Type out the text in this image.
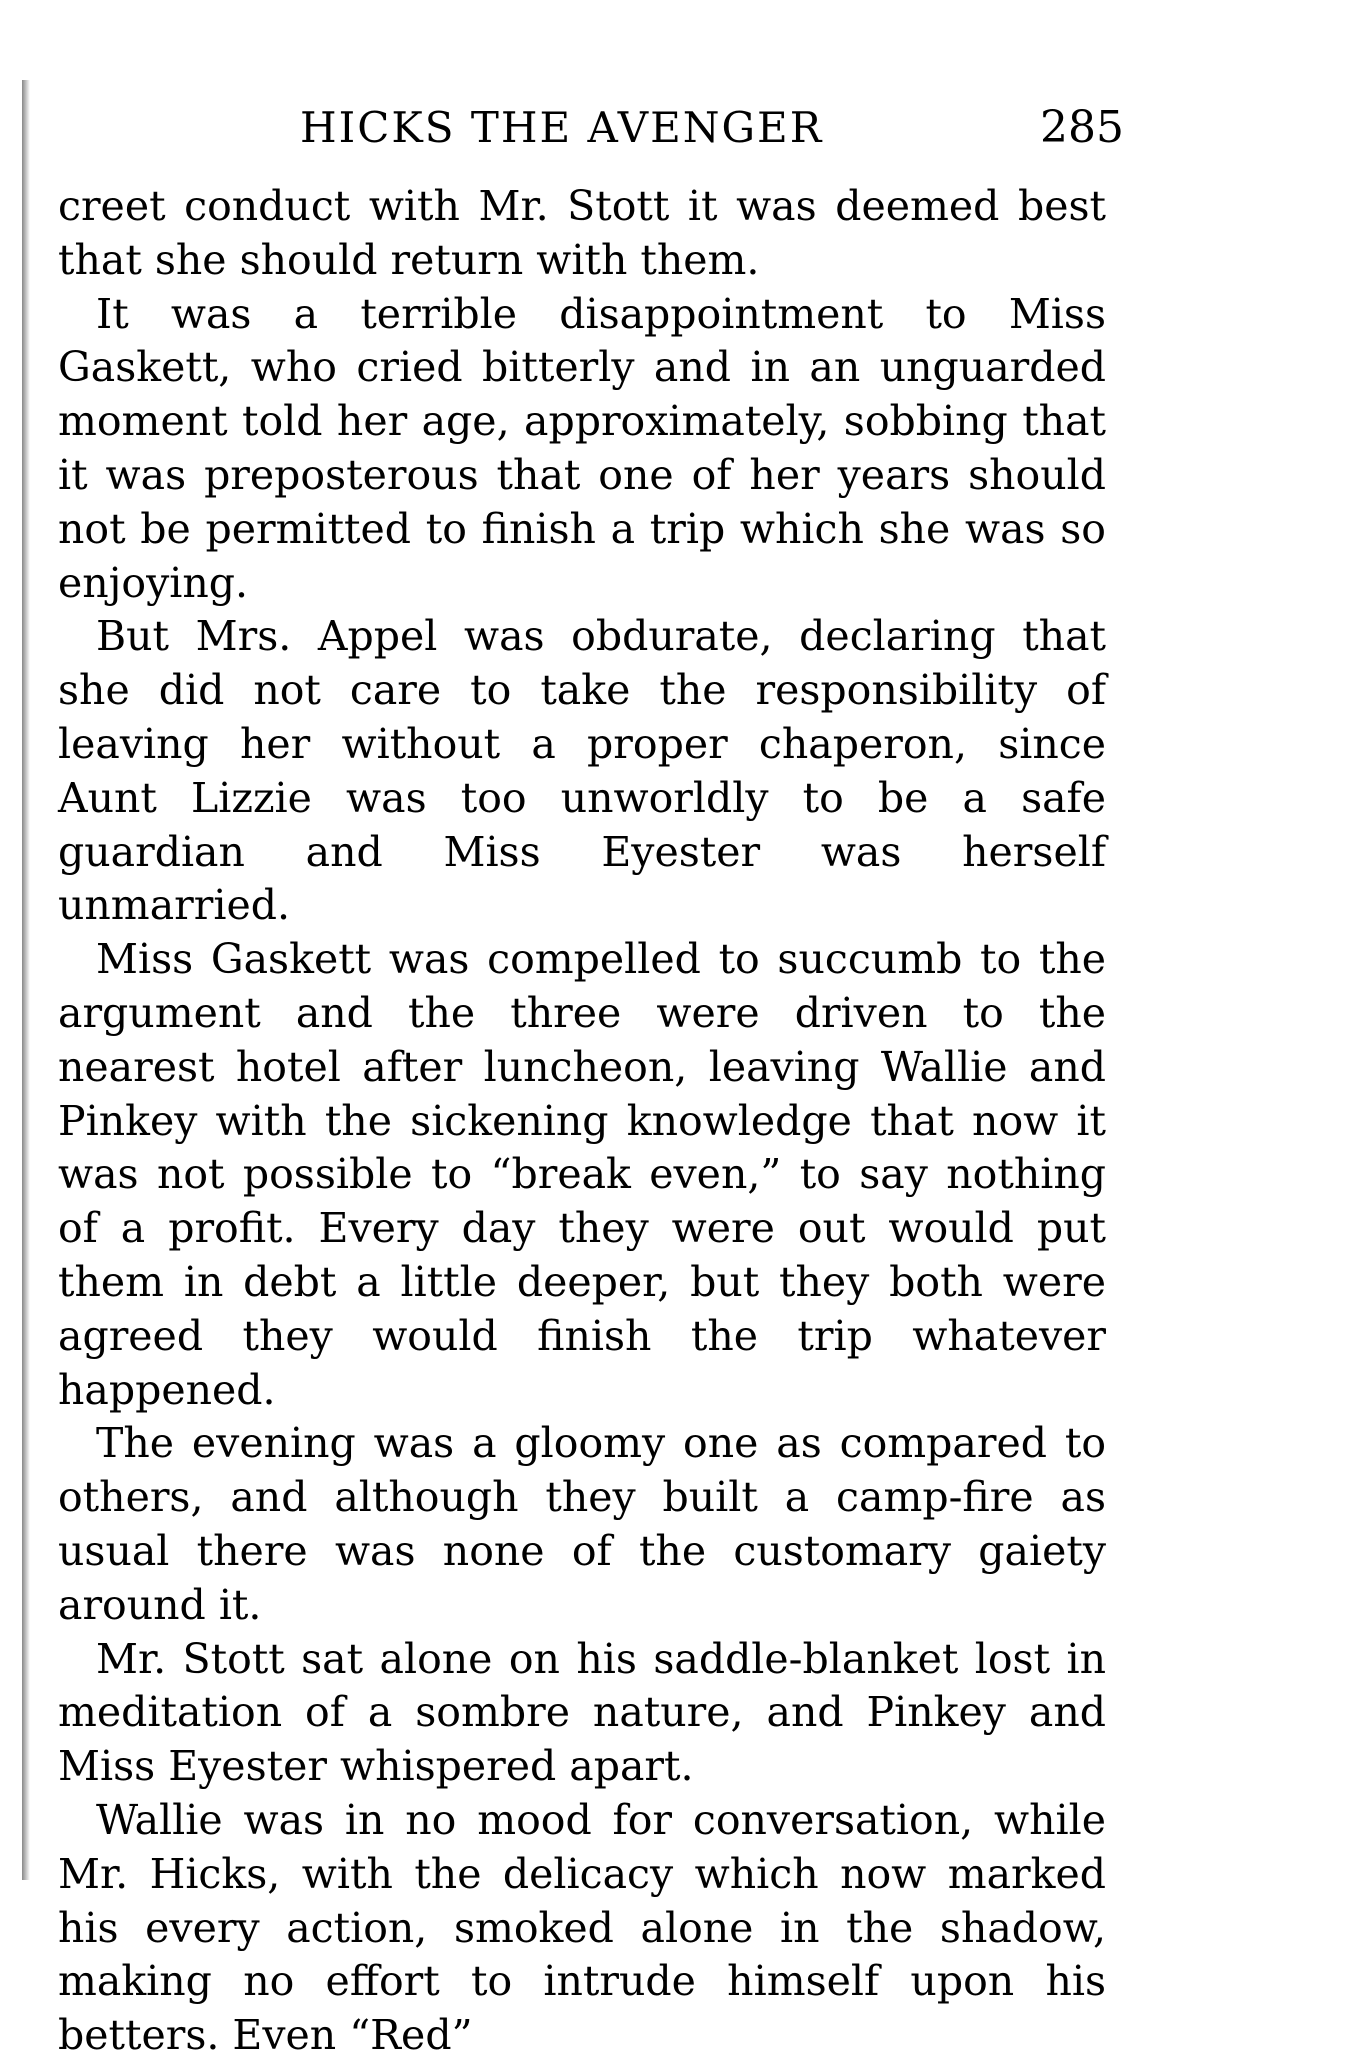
HICKS THE AVENGER	285

creet conduct with Mr. Stott it was deemed best that she should return with them.

It was a terrible disappointment to Miss Gaskett, who cried bitterly and in an unguarded moment told her age, approximately, sobbing that it was preposterous that one of her years should not be permitted to finish a trip which she was so enjoying.

But Mrs. Appel was obdurate, declaring that she did not care to take the responsibility of leaving her without a proper chaperon, since Aunt Lizzie was too unworldly to be a safe guardian and Miss Eyester was herself unmarried.

Miss Gaskett was compelled to succumb to the argument and the three were driven to the nearest hotel after luncheon, leaving Wallie and Pinkey with the sickening knowledge that now it was not possible to “break even,” to say nothing of a profit. Every day they were out would put them in debt a little deeper, but they both were agreed they would finish the trip whatever happened.

The evening was a gloomy one as compared to others, and although they built a camp-fire as usual there was none of the customary gaiety around it.

Mr. Stott sat alone on his saddle-blanket lost in meditation of a sombre nature, and Pinkey and Miss Eyester whispered apart.

Wallie was in no mood for conversation, while Mr. Hicks, with the delicacy which now marked his every action, smoked alone in the shadow, making no effort to intrude himself upon his betters. Even “Red”
